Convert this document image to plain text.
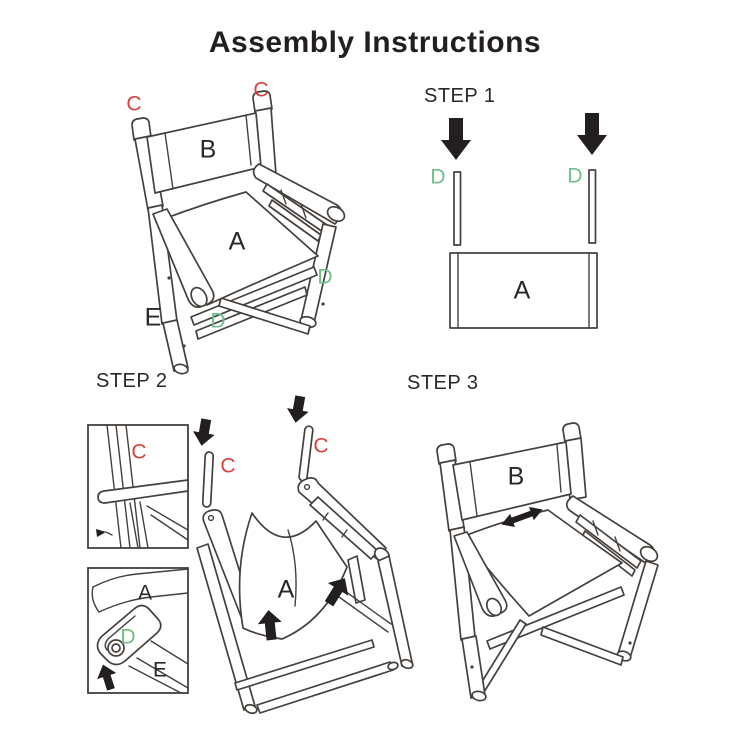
Assembly Instructions
C
C
B
A
D
D
E
STEP 1
D	D
A
STEP 2
C
A
D
E
C
C
A
STEP 3
B
